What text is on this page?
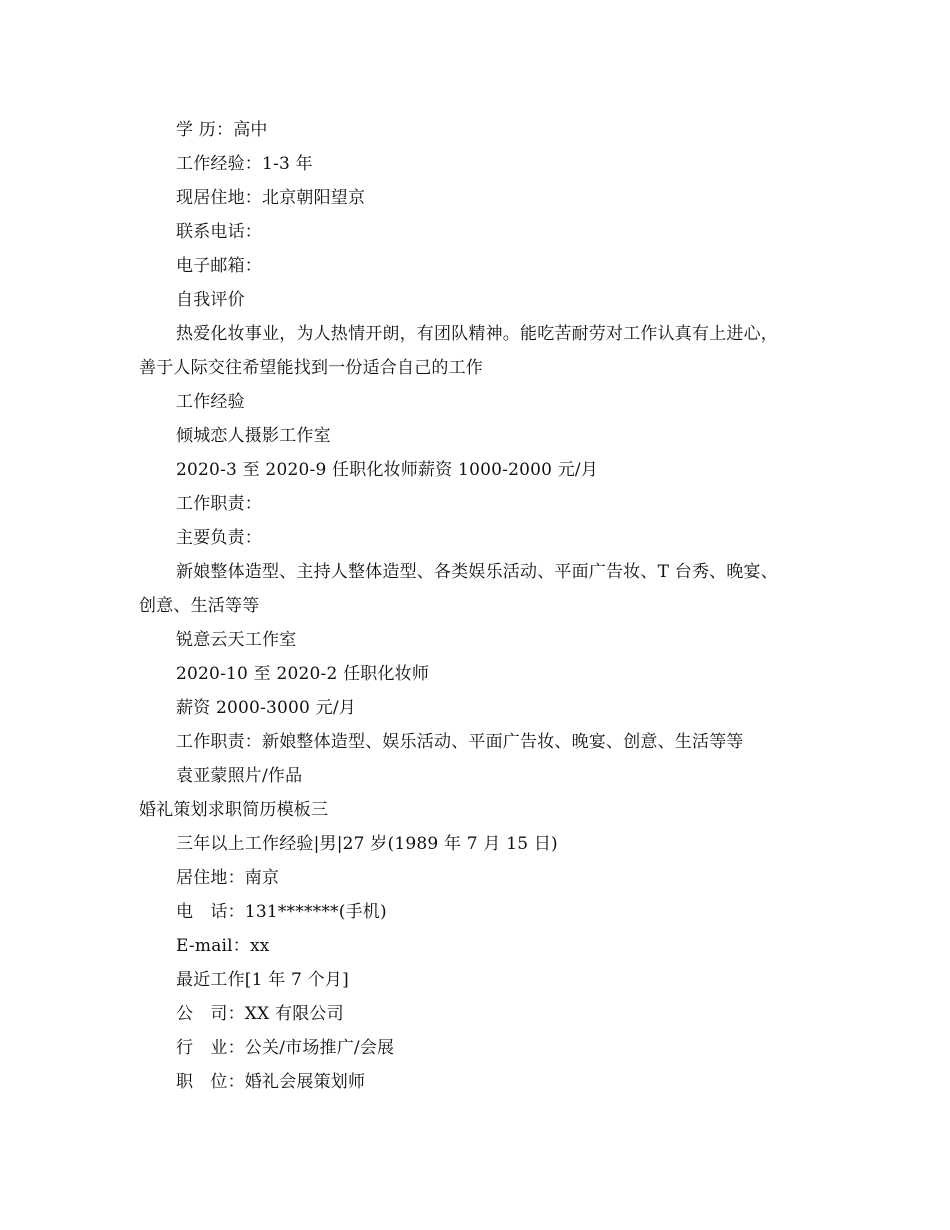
学 历：高中
工作经验：1-3 年
现居住地：北京朝阳望京
联系电话：
电子邮箱：
自我评价
热爱化妆事业，为人热情开朗，有团队精神。能吃苦耐劳对工作认真有上进心，
善于人际交往希望能找到一份适合自己的工作
工作经验
倾城恋人摄影工作室
2020-3 至 2020-9 任职化妆师薪资 1000-2000 元/月
工作职责：
主要负责：
新娘整体造型、主持人整体造型、各类娱乐活动、平面广告妆、T 台秀、晚宴、
创意、生活等等
锐意云天工作室
2020-10 至 2020-2 任职化妆师
薪资 2000-3000 元/月
工作职责：新娘整体造型、娱乐活动、平面广告妆、晚宴、创意、生活等等
袁亚蒙照片/作品
婚礼策划求职简历模板三
三年以上工作经验|男|27 岁(1989 年 7 月 15 日)
居住地：南京
电　话：131*******(手机)
E-mail：xx
最近工作[1 年 7 个月]
公　司：XX 有限公司
行　业：公关/市场推广/会展
职　位：婚礼会展策划师
